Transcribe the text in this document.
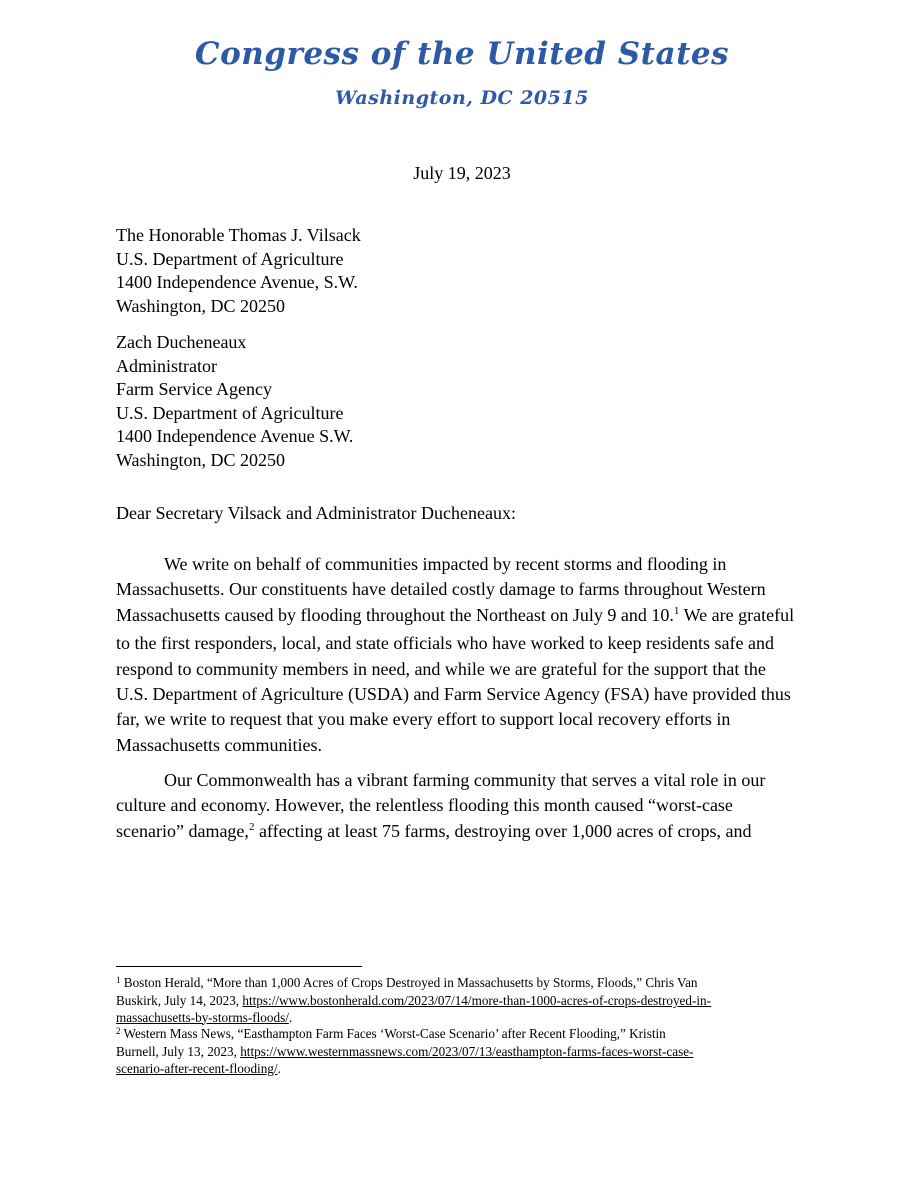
Congress of the United States
Washington, DC 20515
July 19, 2023
The Honorable Thomas J. Vilsack
U.S. Department of Agriculture
1400 Independence Avenue, S.W.
Washington, DC 20250
Zach Ducheneaux
Administrator
Farm Service Agency
U.S. Department of Agriculture
1400 Independence Avenue S.W.
Washington, DC 20250
Dear Secretary Vilsack and Administrator Ducheneaux:
We write on behalf of communities impacted by recent storms and flooding in
Massachusetts. Our constituents have detailed costly damage to farms throughout Western
Massachusetts caused by flooding throughout the Northeast on July 9 and 10.$^1$ We are grateful
to the first responders, local, and state officials who have worked to keep residents safe and
respond to community members in need, and while we are grateful for the support that the
U.S. Department of Agriculture (USDA) and Farm Service Agency (FSA) have provided thus
far, we write to request that you make every effort to support local recovery efforts in
Massachusetts communities.
Our Commonwealth has a vibrant farming community that serves a vital role in our
culture and economy. However, the relentless flooding this month caused “worst-case
scenario” damage,$^2$ affecting at least 75 farms, destroying over 1,000 acres of crops, and
$^1$ Boston Herald, “More than 1,000 Acres of Crops Destroyed in Massachusetts by Storms, Floods,” Chris Van
Buskirk, July 14, 2023, https://www.bostonherald.com/2023/07/14/more-than-1000-acres-of-crops-destroyed-in-
massachusetts-by-storms-floods/.
$^2$ Western Mass News, “Easthampton Farm Faces ‘Worst-Case Scenario’ after Recent Flooding,” Kristin
Burnell, July 13, 2023, https://www.westernmassnews.com/2023/07/13/easthampton-farms-faces-worst-case-
scenario-after-recent-flooding/.
